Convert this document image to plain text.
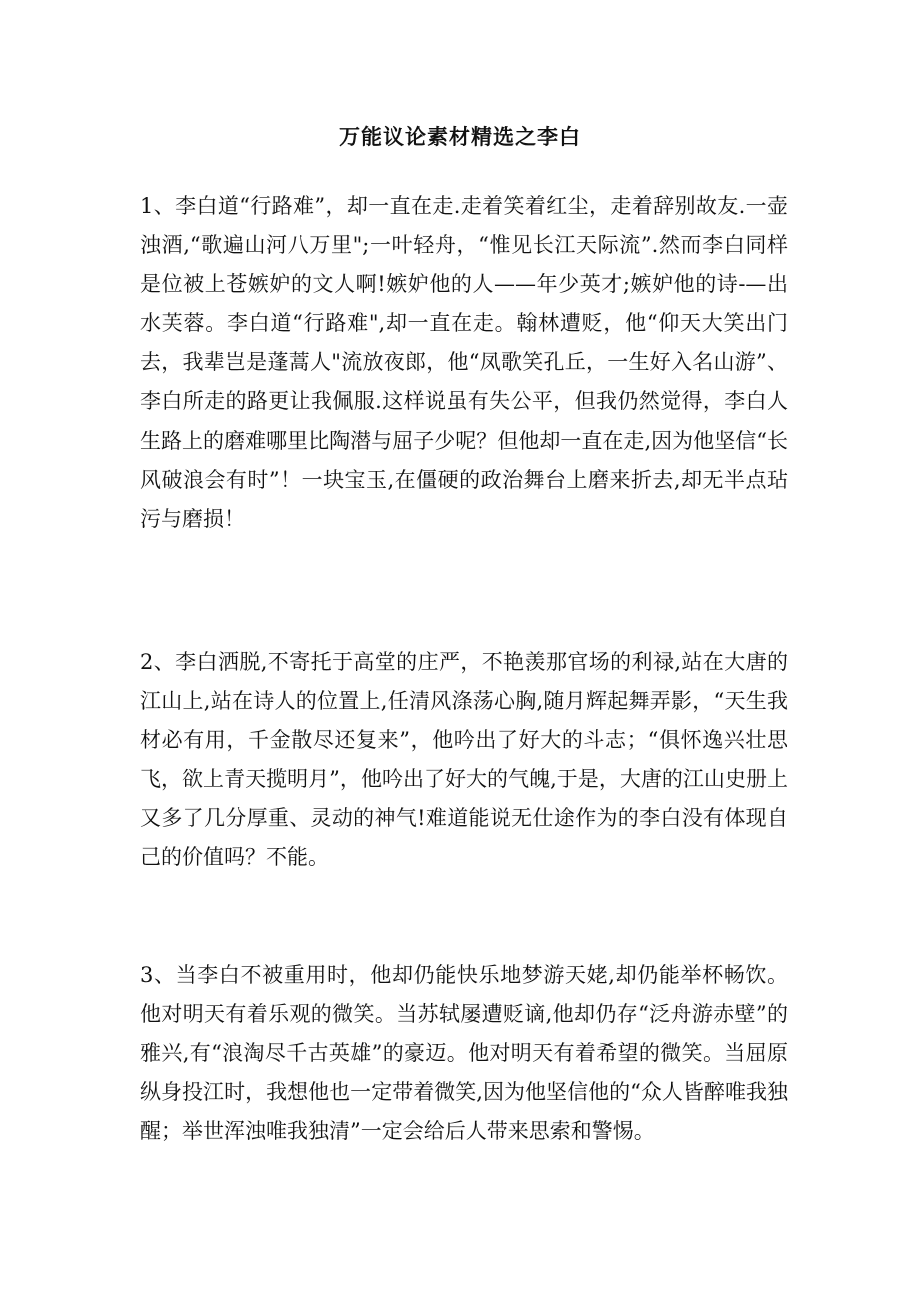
万能议论素材精选之李白

1、李白道“行路难”，却一直在走.走着笑着红尘，走着辞别故友.一壶浊酒,“歌遍山河八万里";一叶轻舟，“惟见长江天际流”.然而李白同样是位被上苍嫉妒的文人啊!嫉妒他的人——年少英才;嫉妒他的诗-—出水芙蓉。李白道“行路难",却一直在走。翰林遭贬，他“仰天大笑出门去，我辈岂是蓬蒿人"流放夜郎，他“凤歌笑孔丘，一生好入名山游”、李白所走的路更让我佩服.这样说虽有失公平，但我仍然觉得，李白人生路上的磨难哪里比陶潜与屈子少呢？但他却一直在走,因为他坚信“长风破浪会有时”！一块宝玉,在僵硬的政治舞台上磨来折去,却无半点玷污与磨损！

2、李白洒脱,不寄托于高堂的庄严，不艳羡那官场的利禄,站在大唐的江山上,站在诗人的位置上,任清风涤荡心胸,随月辉起舞弄影，“天生我材必有用，千金散尽还复来”，他吟出了好大的斗志；“俱怀逸兴壮思飞，欲上青天揽明月”，他吟出了好大的气魄,于是，大唐的江山史册上又多了几分厚重、灵动的神气!难道能说无仕途作为的李白没有体现自己的价值吗？不能。

3、当李白不被重用时，他却仍能快乐地梦游天姥,却仍能举杯畅饮。他对明天有着乐观的微笑。当苏轼屡遭贬谪,他却仍存“泛舟游赤壁”的雅兴,有“浪淘尽千古英雄”的豪迈。他对明天有着希望的微笑。当屈原纵身投江时，我想他也一定带着微笑,因为他坚信他的“众人皆醉唯我独醒；举世浑浊唯我独清”一定会给后人带来思索和警惕。
